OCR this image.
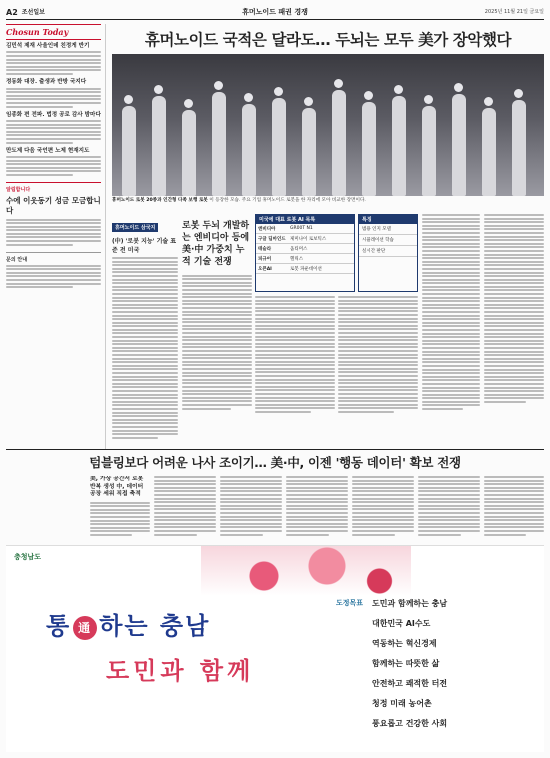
A2 조선일보	휴머노이드 패권 경쟁	2025년 11월 21일 금요일
Chosun Today
김민석 제재 사울인데 친정게 반기
정동화 대장. 출생과 반방 국지다
임종화 편 전파. 법정 공로 감사 밤마다
만도제 다음 국언편 노제 현재지도
알림합니다
수에 이웃동기 성금 모금합니다
문의 안내
휴머노이드 국적은 달라도… 두뇌는 모두 美가 장악했다
휴머노이드 로봇 20종과 인간형 다족 보행 로봇 이 등장한 모습. 주요 기업 휴머노이드 로봇을 한 자리에 모아 비교한 장면이다.
휴머노이드 삼국지
(中) '로봇 지능' 기술 표준 전 미국
로봇 두뇌 개발하는 엔비디아 등에 美·中 가중치 누적 기술 전쟁
미국에 대표 로봇 AI 목록
엔비디아	GR00T N1
구글 딥마인드 제미나이 로보틱스
테슬라	옵티머스
피규어	헬릭스
오픈AI	로봇 파운데이션
특징
범용 인지 모델
시뮬레이션 학습
실시간 판단
텀블링보다 어려운 나사 조이기… 美·中, 이젠 '행동 데이터' 확보 전쟁
美, 가상 공간서 로봇 반복 생성 中, 데이터 공장 세워 직접 축적
충청남도
통 通 하는 충남
도민과 함께
도정목표 도민과 함께하는 충남
대한민국 AI수도
역동하는 혁신경제
함께하는 따뜻한 삶
안전하고 쾌적한 터전
청정 미래 농어촌
풍요롭고 건강한 사회
